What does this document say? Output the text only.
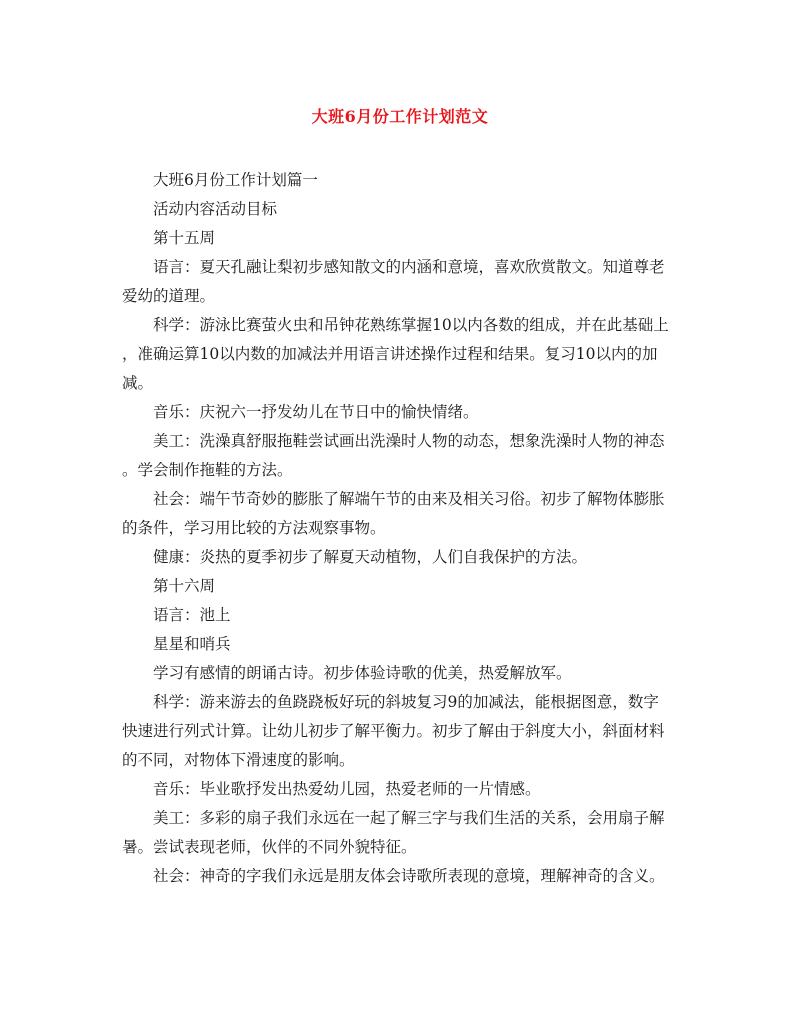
大班6月份工作计划范文
大班6月份工作计划篇一
活动内容活动目标
第十五周
语言：夏天孔融让梨初步感知散文的内涵和意境，喜欢欣赏散文。知道尊老
爱幼的道理。
科学：游泳比赛萤火虫和吊钟花熟练掌握10以内各数的组成，并在此基础上
，准确运算10以内数的加减法并用语言讲述操作过程和结果。复习10以内的加
减。
音乐：庆祝六一抒发幼儿在节日中的愉快情绪。
美工：洗澡真舒服拖鞋尝试画出洗澡时人物的动态，想象洗澡时人物的神态
。学会制作拖鞋的方法。
社会：端午节奇妙的膨胀了解端午节的由来及相关习俗。初步了解物体膨胀
的条件，学习用比较的方法观察事物。
健康：炎热的夏季初步了解夏天动植物，人们自我保护的方法。
第十六周
语言：池上
星星和哨兵
学习有感情的朗诵古诗。初步体验诗歌的优美，热爱解放军。
科学：游来游去的鱼跷跷板好玩的斜坡复习9的加减法，能根据图意，数字
快速进行列式计算。让幼儿初步了解平衡力。初步了解由于斜度大小，斜面材料
的不同，对物体下滑速度的影响。
音乐：毕业歌抒发出热爱幼儿园，热爱老师的一片情感。
美工：多彩的扇子我们永远在一起了解三字与我们生活的关系，会用扇子解
暑。尝试表现老师，伙伴的不同外貌特征。
社会：神奇的字我们永远是朋友体会诗歌所表现的意境，理解神奇的含义。
